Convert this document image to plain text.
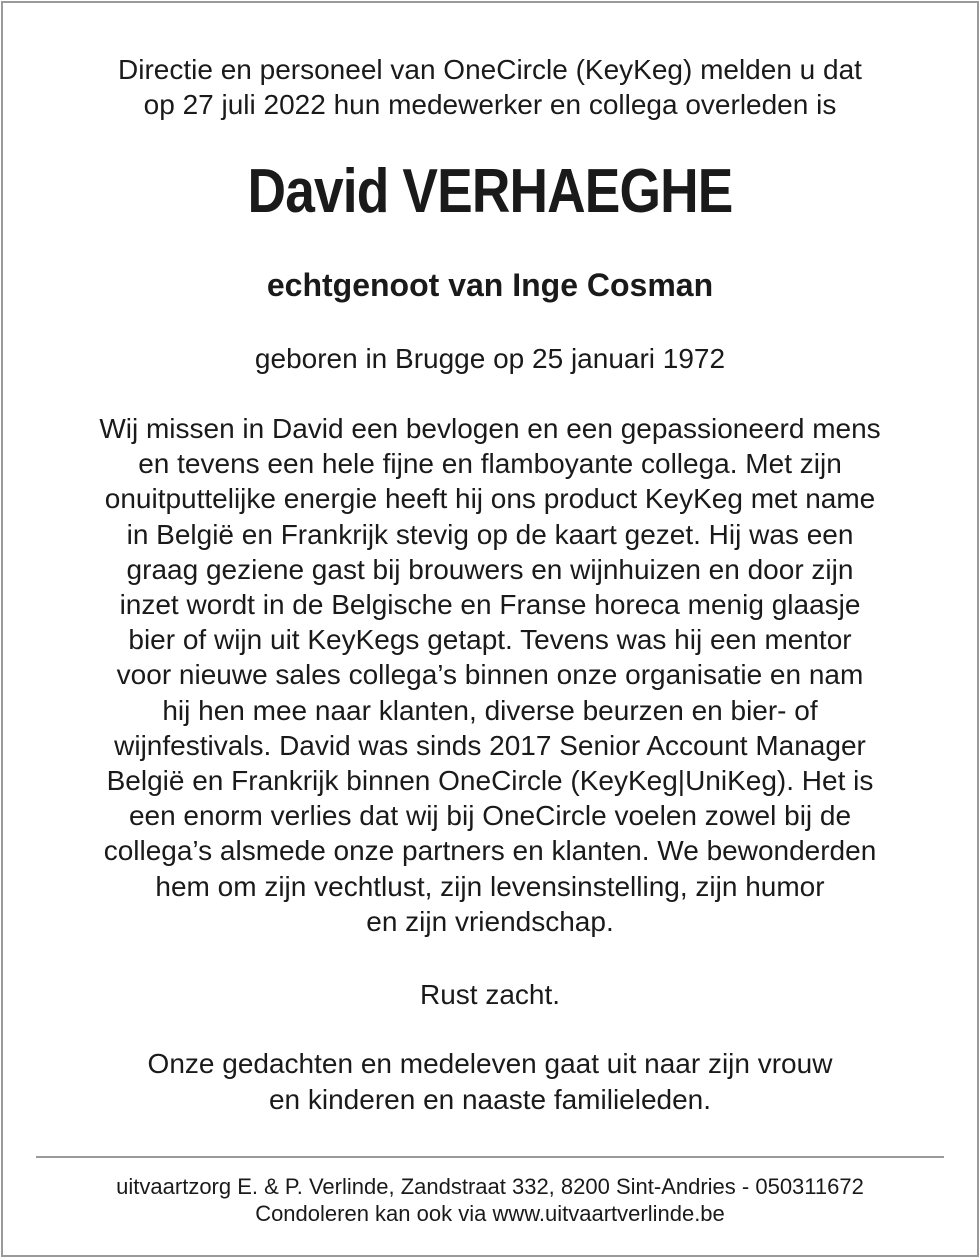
Directie en personeel van OneCircle (KeyKeg) melden u dat
op 27 juli 2022 hun medewerker en collega overleden is

David VERHAEGHE

echtgenoot van Inge Cosman

geboren in Brugge op 25 januari 1972

Wij missen in David een bevlogen en een gepassioneerd mens
en tevens een hele fijne en flamboyante collega. Met zijn
onuitputtelijke energie heeft hij ons product KeyKeg met name
in België en Frankrijk stevig op de kaart gezet. Hij was een
graag geziene gast bij brouwers en wijnhuizen en door zijn
inzet wordt in de Belgische en Franse horeca menig glaasje
bier of wijn uit KeyKegs getapt. Tevens was hij een mentor
voor nieuwe sales collega’s binnen onze organisatie en nam
hij hen mee naar klanten, diverse beurzen en bier- of
wijnfestivals. David was sinds 2017 Senior Account Manager
België en Frankrijk binnen OneCircle (KeyKeg|UniKeg). Het is
een enorm verlies dat wij bij OneCircle voelen zowel bij de
collega’s alsmede onze partners en klanten. We bewonderden
hem om zijn vechtlust, zijn levensinstelling, zijn humor
en zijn vriendschap.

Rust zacht.

Onze gedachten en medeleven gaat uit naar zijn vrouw
en kinderen en naaste familieleden.

uitvaartzorg E. & P. Verlinde, Zandstraat 332, 8200 Sint-Andries - 050311672
Condoleren kan ook via www.uitvaartverlinde.be
